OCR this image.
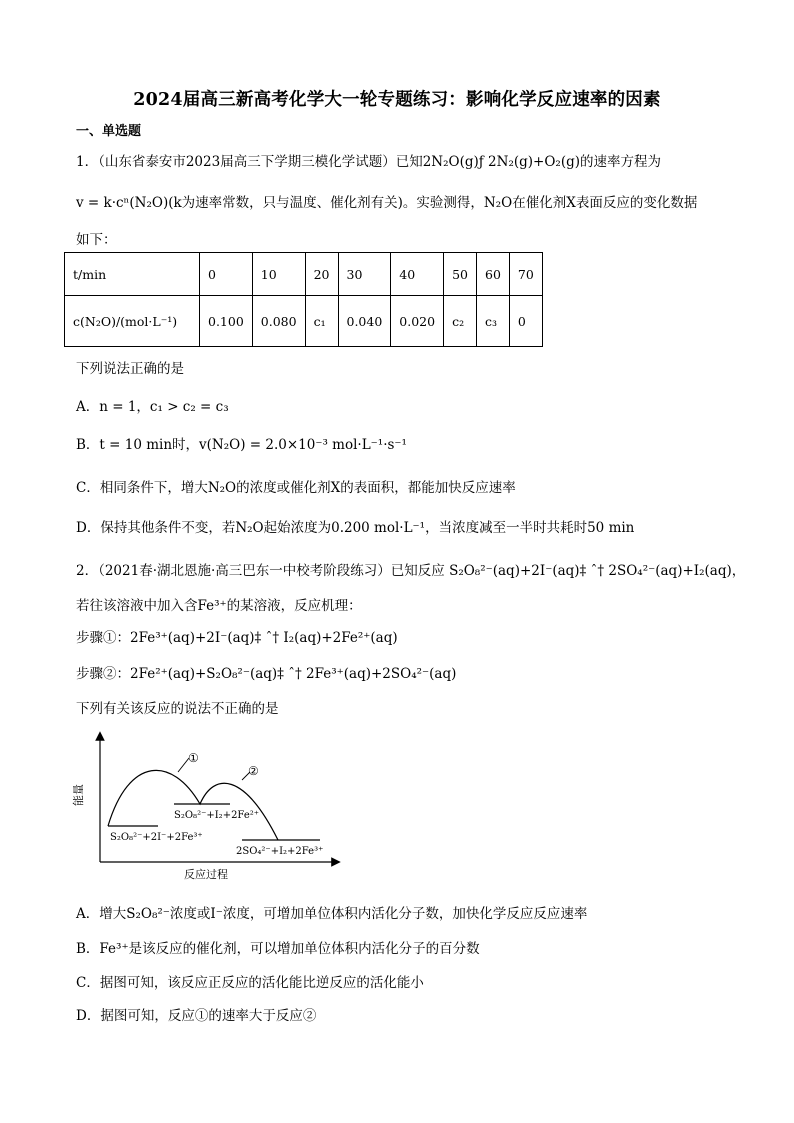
2024届高三新高考化学大一轮专题练习：影响化学反应速率的因素
一、单选题
1．（山东省泰安市2023届高三下学期三模化学试题）已知2N₂O(g)ƒ 2N₂(g)+O₂(g)的速率方程为
v = k·cⁿ(N₂O)(k为速率常数，只与温度、催化剂有关)。实验测得，N₂O在催化剂X表面反应的变化数据
如下：
t/min	0	10	20	30	40	50	60	70
c(N₂O)/(mol·L⁻¹)	0.100	0.080	c₁	0.040	0.020	c₂	c₃	0
下列说法正确的是
A．n = 1，c₁ > c₂ = c₃
B．t = 10 min时，v(N₂O) = 2.0×10⁻³ mol·L⁻¹·s⁻¹
C．相同条件下，增大N₂O的浓度或催化剂X的表面积，都能加快反应速率
D．保持其他条件不变，若N₂O起始浓度为0.200 mol·L⁻¹，当浓度减至一半时共耗时50 min
2．（2021春·湖北恩施·高三巴东一中校考阶段练习）已知反应 S₂O₈²⁻(aq)+2I⁻(aq)‡ ˆ† 2SO₄²⁻(aq)+I₂(aq)，
若往该溶液中加入含Fe³⁺的某溶液，反应机理：
步骤①：2Fe³⁺(aq)+2I⁻(aq)‡ ˆ† I₂(aq)+2Fe²⁺(aq)
步骤②：2Fe²⁺(aq)+S₂O₈²⁻(aq)‡ ˆ† 2Fe³⁺(aq)+2SO₄²⁻(aq)
下列有关该反应的说法不正确的是
①
②
能量
反应过程
S₂O₈²⁻+2I⁻+2Fe³⁺
S₂O₈²⁻+I₂+2Fe²⁺
2SO₄²⁻+I₂+2Fe³⁺
A．增大S₂O₈²⁻浓度或I⁻浓度，可增加单位体积内活化分子数，加快化学反应反应速率
B．Fe³⁺是该反应的催化剂，可以增加单位体积内活化分子的百分数
C．据图可知，该反应正反应的活化能比逆反应的活化能小
D．据图可知，反应①的速率大于反应②
